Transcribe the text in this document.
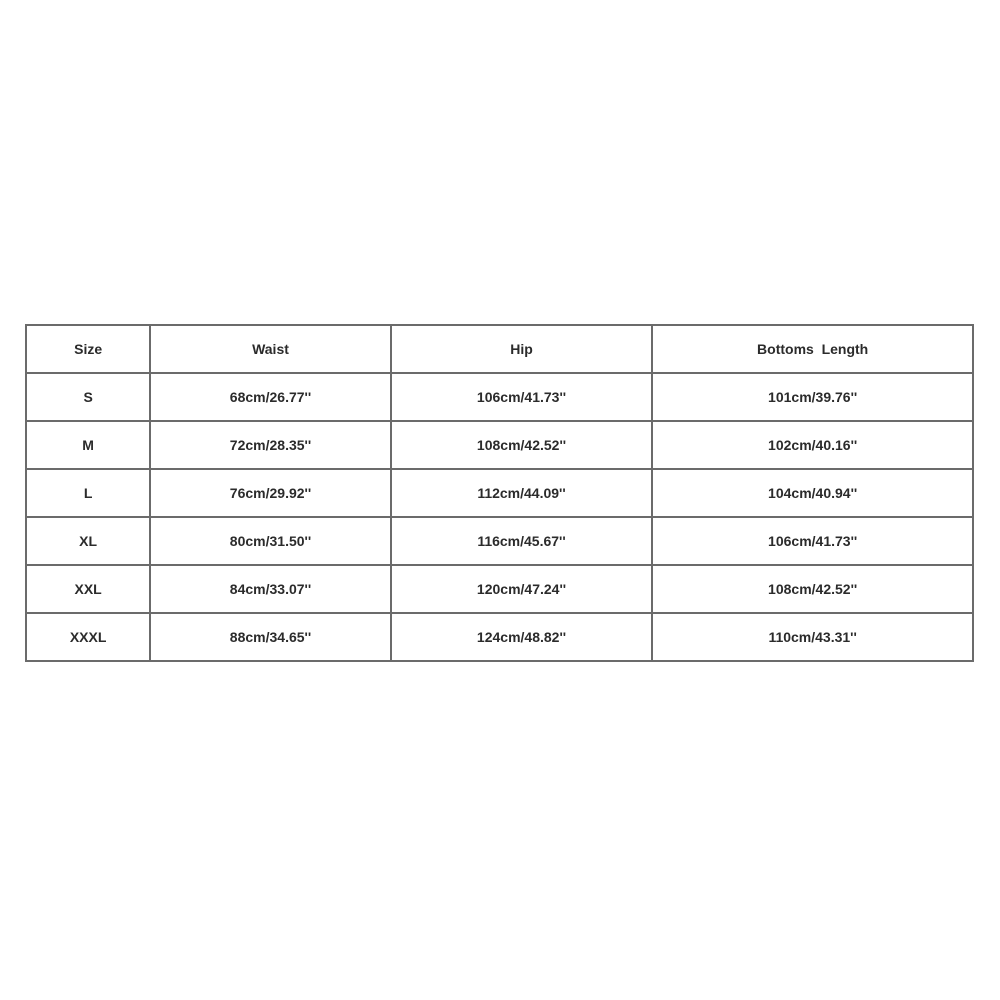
Size	Waist	Hip	Bottoms  Length
S	68cm/26.77''	106cm/41.73''	101cm/39.76''
M	72cm/28.35''	108cm/42.52''	102cm/40.16''
L	76cm/29.92''	112cm/44.09''	104cm/40.94''
XL	80cm/31.50''	116cm/45.67''	106cm/41.73''
XXL	84cm/33.07''	120cm/47.24''	108cm/42.52''
XXXL	88cm/34.65''	124cm/48.82''	110cm/43.31''
